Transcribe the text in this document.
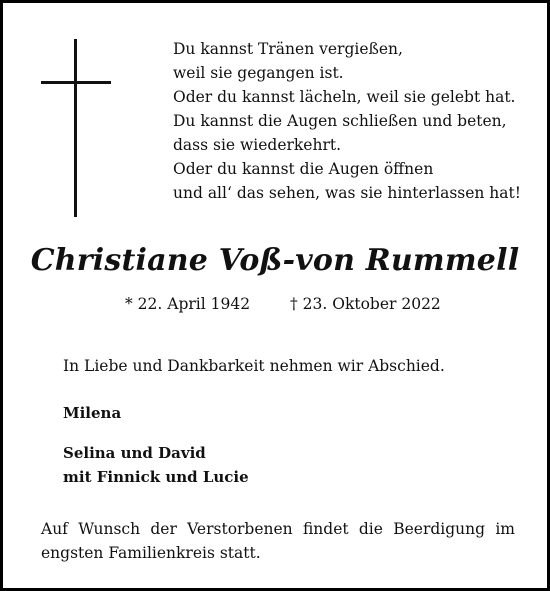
Du kannst Tränen vergießen,
weil sie gegangen ist.
Oder du kannst lächeln, weil sie gelebt hat.
Du kannst die Augen schließen und beten,
dass sie wiederkehrt.
Oder du kannst die Augen öffnen
und all‘ das sehen, was sie hinterlassen hat!
Christiane Voß-von Rummell
* 22. April 1942	† 23. Oktober 2022

In Liebe und Dankbarkeit nehmen wir Abschied.

Milena
Selina und David
mit Finnick und Lucie

Auf Wunsch der Verstorbenen findet die Beerdigung im engsten Familienkreis statt.
